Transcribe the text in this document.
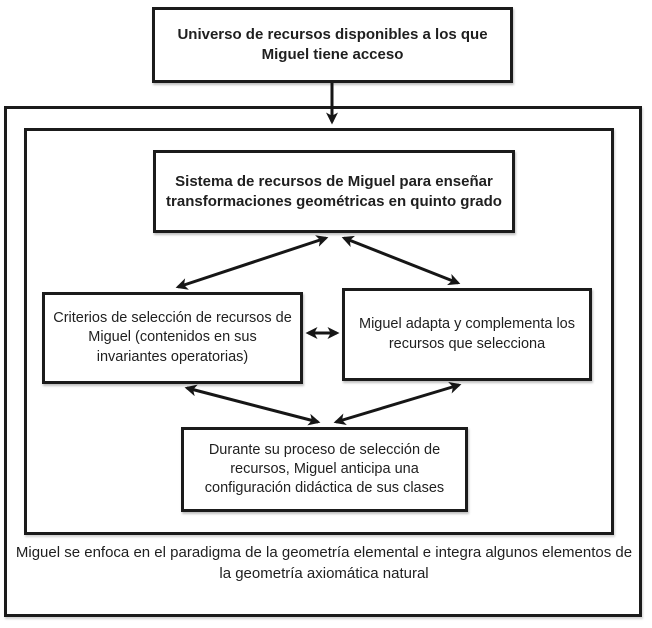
Universo de recursos disponibles a los que Miguel tiene acceso
Sistema de recursos de Miguel para enseñar transformaciones geométricas en quinto grado
Criterios de selección de recursos de Miguel (contenidos en sus invariantes operatorias)
Miguel adapta y complementa los recursos que selecciona
Durante su proceso de selección de recursos, Miguel anticipa una configuración didáctica de sus clases
Miguel se enfoca en el paradigma de la geometría elemental e integra algunos elementos de la geometría axiomática natural
